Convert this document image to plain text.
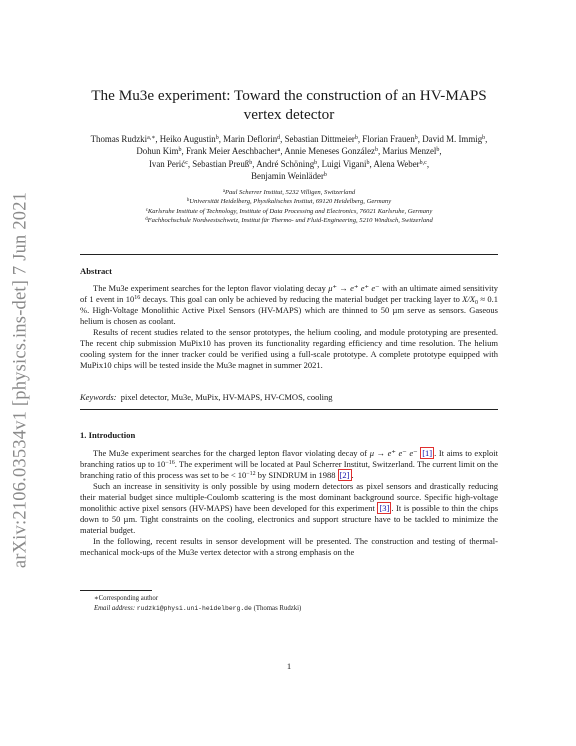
arXiv:2106.03534v1 [physics.ins-det] 7 Jun 2021
The Mu3e experiment: Toward the construction of an HV-MAPS
vertex detector
Thomas Rudzki$^{a,∗}$, Heiko Augustin$^b$, Marin Deflorin$^d$, Sebastian Dittmeier$^b$, Florian Frauen$^b$, David M. Immig$^b$, Dohun Kim$^b$, Frank Meier Aeschbacher$^a$, Annie Meneses González$^b$, Marius Menzel$^b$,
Ivan Perić$^c$, Sebastian Preuß$^b$, André Schöning$^b$, Luigi Vigani$^b$, Alena Weber$^{b,c}$,
Benjamin Weinläder$^b$
$^a$Paul Scherrer Institut, 5232 Villigen, Switzerland
$^b$Universität Heidelberg, Physikalisches Institut, 69120 Heidelberg, Germany
$^c$Karlsruhe Institute of Technology, Institute of Data Processing and Electronics, 76021 Karlsruhe, Germany
$^d$Fachhochschule Nordwestschweiz, Institut für Thermo- und Fluid-Engineering, 5210 Windisch, Switzerland
Abstract

The Mu3e experiment searches for the lepton flavor violating decay μ⁺ → e⁺ e⁺ e⁻ with an ultimate aimed sensitivity of 1 event in $10^{16}$ decays. This goal can only be achieved by reducing the material budget per tracking layer to $X/X_0 \approx 0.1$ %. High-Voltage Monolithic Active Pixel Sensors (HV-MAPS) which are thinned to 50 µm serve as sensors. Gaseous helium is chosen as coolant.

Results of recent studies related to the sensor prototypes, the helium cooling, and module prototyping are presented. The recent chip submission MuPix10 has proven its functionality regarding efficiency and time resolution. The helium cooling system for the inner tracker could be verified using a full-scale prototype. A complete prototype equipped with MuPix10 chips will be tested inside the Mu3e magnet in summer 2021.

Keywords: pixel detector, Mu3e, MuPix, HV-MAPS, HV-CMOS, cooling
1. Introduction

The Mu3e experiment searches for the charged lepton flavor violating decay of μ → e⁺ e⁻ e⁻ [1] . It aims to exploit branching ratios up to $10^{-16}$. The experiment will be located at Paul Scherrer Institut, Switzerland. The current limit on the branching ratio of this process was set to be < $10^{-12}$ by SINDRUM in 1988 [2] .

Such an increase in sensitivity is only possible by using modern detectors as pixel sensors and drastically reducing their material budget since multiple-Coulomb scattering is the most dominant background source. Specific high-voltage monolithic active pixel sensors (HV-MAPS) have been developed for this experiment [3] . It is possible to thin the chips down to 50 µm. Tight constraints on the cooling, electronics and support structure have to be tackled to minimize the material budget.

In the following, recent results in sensor development will be presented. The construction and testing of thermal-mechanical mock-ups of the Mu3e vertex detector with a strong emphasis on the

∗Corresponding author
Email address: rudzki@physi.uni-heidelberg.de (Thomas Rudzki)
1
